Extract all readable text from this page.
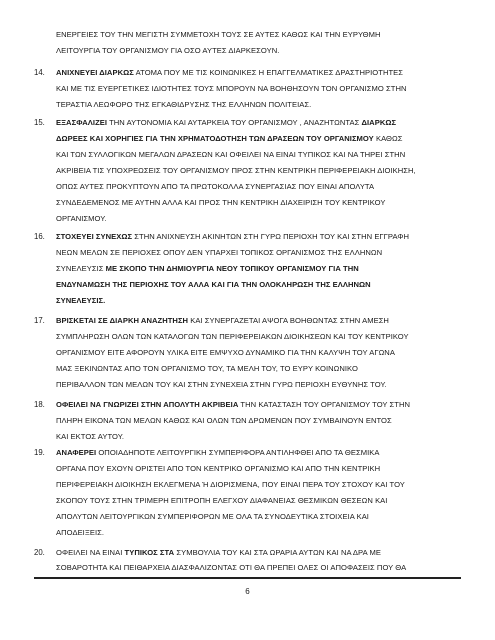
ΕΝΕΡΓΕΙΕΣ ΤΟΥ ΤΗΝ ΜΕΓΙΣΤΗ ΣΥΜΜΕΤΟΧΗ ΤΟΥΣ ΣΕ ΑΥΤΕΣ ΚΑΘΩΣ ΚΑΙ ΤΗΝ ΕΥΡΥΘΜΗ
ΛΕΙΤΟΥΡΓΙΑ ΤΟΥ ΟΡΓΑΝΙΣΜΟΥ ΓΙΑ ΟΣΟ ΑΥΤΕΣ ΔΙΑΡΚΕΣΟΥΝ.
14. ΑΝΙΧΝΕΥΕΙ ΔΙΑΡΚΩΣ ΑΤΟΜΑ ΠΟΥ ΜΕ ΤΙΣ ΚΟΙΝΩΝΙΚΕΣ Η ΕΠΑΓΓΕΛΜΑΤΙΚΕΣ ΔΡΑΣΤΗΡΙΟΤΗΤΕΣ
ΚΑΙ ΜΕ ΤΙΣ ΕΥΕΡΓΕΤΙΚΕΣ ΙΔΙΟΤΗΤΕΣ ΤΟΥΣ ΜΠΟΡΟΥΝ ΝΑ ΒΟΗΘΗΣΟΥΝ ΤΟΝ ΟΡΓΑΝΙΣΜΟ ΣΤΗΝ
ΤΕΡΑΣΤΙΑ ΛΕΩΦΟΡΟ ΤΗΣ ΕΓΚΑΘΙΔΡΥΣΗΣ ΤΗΣ ΕΛΛΗΝΩΝ ΠΟΛΙΤΕΙΑΣ.
15. ΕΞΑΣΦΑΛΙΖΕΙ ΤΗΝ ΑΥΤΟΝΟΜΙΑ ΚΑΙ ΑΥΤΑΡΚΕΙΑ ΤΟΥ ΟΡΓΑΝΙΣΜΟΥ , ΑΝΑΖΗΤΩΝΤΑΣ ΔΙΑΡΚΩΣ
ΔΩΡΕΕΣ ΚΑΙ ΧΟΡΗΓΙΕΣ ΓΙΑ ΤΗΝ ΧΡΗΜΑΤΟΔΟΤΗΣΗ ΤΩΝ ΔΡΑΣΕΩΝ ΤΟΥ ΟΡΓΑΝΙΣΜΟΥ ΚΑΘΩΣ
ΚΑΙ ΤΩΝ ΣΥΛΛΟΓΙΚΩΝ ΜΕΓΑΛΩΝ ΔΡΑΣΕΩΝ ΚΑΙ ΟΦΕΙΛΕΙ ΝΑ ΕΙΝΑΙ ΤΥΠΙΚΟΣ ΚΑΙ ΝΑ ΤΗΡΕΙ ΣΤΗΝ
ΑΚΡΙΒΕΙΑ ΤΙΣ ΥΠΟΧΡΕΩΣΕΙΣ ΤΟΥ ΟΡΓΑΝΙΣΜΟΥ ΠΡΟΣ ΣΤΗΝ ΚΕΝΤΡΙΚΗ ΠΕΡΙΦΕΡΕΙΑΚΗ ΔΙΟΙΚΗΣΗ,
ΟΠΩΣ ΑΥΤΕΣ ΠΡΟΚΥΠΤΟΥΝ ΑΠΟ ΤΑ ΠΡΩΤΟΚΟΛΛΑ ΣΥΝΕΡΓΑΣΙΑΣ ΠΟΥ ΕΙΝΑΙ ΑΠΟΛΥΤΑ
ΣΥΝΔΕΔΕΜΕΝΟΣ ΜΕ ΑΥΤΗΝ ΑΛΛΑ ΚΑΙ ΠΡΟΣ ΤΗΝ ΚΕΝΤΡΙΚΗ ΔΙΑΧΕΙΡΙΣΗ ΤΟΥ ΚΕΝΤΡΙΚΟΥ
ΟΡΓΑΝΙΣΜΟΥ.
16. ΣΤΟΧΕΥΕΙ ΣΥΝΕΧΩΣ ΣΤΗΝ ΑΝΙΧΝΕΥΣΗ ΑΚΙΝΗΤΩΝ ΣΤΗ ΓΥΡΩ ΠΕΡΙΟΧΗ ΤΟΥ ΚΑΙ ΣΤΗΝ ΕΓΓΡΑΦΗ
ΝΕΩΝ ΜΕΛΩΝ ΣΕ ΠΕΡΙΟΧΕΣ ΟΠΟΥ ΔΕΝ ΥΠΑΡΧΕΙ ΤΟΠΙΚΟΣ ΟΡΓΑΝΙΣΜΟΣ ΤΗΣ ΕΛΛΗΝΩΝ
ΣΥΝΕΛΕΥΣΙΣ ΜΕ ΣΚΟΠΟ ΤΗΝ ΔΗΜΙΟΥΡΓΙΑ ΝΕΟΥ ΤΟΠΙΚΟΥ ΟΡΓΑΝΙΣΜΟΥ ΓΙΑ ΤΗΝ
ΕΝΔΥΝΑΜΩΣΗ ΤΗΣ ΠΕΡΙΟΧΗΣ ΤΟΥ ΑΛΛΑ ΚΑΙ ΓΙΑ ΤΗΝ ΟΛΟΚΛΗΡΩΣΗ ΤΗΣ ΕΛΛΗΝΩΝ
ΣΥΝΕΛΕΥΣΙΣ.
17. ΒΡΙΣΚΕΤΑΙ ΣΕ ΔΙΑΡΚΗ ΑΝΑΖΗΤΗΣΗ ΚΑΙ ΣΥΝΕΡΓΑΖΕΤΑΙ ΑΨΟΓΑ ΒΟΗΘΩΝΤΑΣ ΣΤΗΝ ΑΜΕΣΗ
ΣΥΜΠΛΗΡΩΣΗ ΟΛΩΝ ΤΩΝ ΚΑΤΑΛΟΓΩΝ ΤΩΝ ΠΕΡΙΦΕΡΕΙΑΚΩΝ ΔΙΟΙΚΗΣΕΩΝ ΚΑΙ ΤΟΥ ΚΕΝΤΡΙΚΟΥ
ΟΡΓΑΝΙΣΜΟΥ ΕΙΤΕ ΑΦΟΡΟΥΝ ΥΛΙΚΑ ΕΙΤΕ ΕΜΨΥΧΟ ΔΥΝΑΜΙΚΟ ΓΙΑ ΤΗΝ ΚΑΛΥΨΗ ΤΟΥ ΑΓΩΝΑ
ΜΑΣ ΞΕΚΙΝΩΝΤΑΣ ΑΠΟ ΤΟΝ ΟΡΓΑΝΙΣΜΟ ΤΟΥ, ΤΑ ΜΕΛΗ ΤΟΥ, ΤΟ ΕΥΡΥ ΚΟΙΝΩΝΙΚΟ
ΠΕΡΙΒΑΛΛΟΝ ΤΩΝ ΜΕΛΩΝ ΤΟΥ ΚΑΙ ΣΤΗΝ ΣΥΝΕΧΕΙΑ ΣΤΗΝ ΓΥΡΩ ΠΕΡΙΟΧΗ ΕΥΘΥΝΗΣ ΤΟΥ.
18. ΟΦΕΙΛΕΙ ΝΑ ΓΝΩΡΙΖΕΙ ΣΤΗΝ ΑΠΟΛΥΤΗ ΑΚΡΙΒΕΙΑ ΤΗΝ ΚΑΤΑΣΤΑΣΗ ΤΟΥ ΟΡΓΑΝΙΣΜΟΥ ΤΟΥ ΣΤΗΝ
ΠΛΗΡΗ ΕΙΚΟΝΑ ΤΩΝ ΜΕΛΩΝ ΚΑΘΩΣ ΚΑΙ ΟΛΩΝ ΤΩΝ ΔΡΩΜΕΝΩΝ ΠΟΥ ΣΥΜΒΑΙΝΟΥΝ ΕΝΤΟΣ
ΚΑΙ ΕΚΤΟΣ ΑΥΤΟΥ.
19. ΑΝΑΦΕΡΕΙ ΟΠΟΙΑΔΗΠΟΤΕ ΛΕΙΤΟΥΡΓΙΚΗ ΣΥΜΠΕΡΙΦΟΡΑ ΑΝΤΙΛΗΦΘΕΙ ΑΠΟ ΤΑ ΘΕΣΜΙΚΑ
ΟΡΓΑΝΑ ΠΟΥ ΕΧΟΥΝ ΟΡΙΣΤΕΙ ΑΠΟ ΤΟΝ ΚΕΝΤΡΙΚΟ ΟΡΓΑΝΙΣΜΟ ΚΑΙ ΑΠΟ ΤΗΝ ΚΕΝΤΡΙΚΗ
ΠΕΡΙΦΕΡΕΙΑΚΗ ΔΙΟΙΚΗΣΗ ΕΚΛΕΓΜΕΝΑ Ή ΔΙΟΡΙΣΜΕΝΑ, ΠΟΥ ΕΙΝΑΙ ΠΕΡΑ ΤΟΥ ΣΤΟΧΟΥ ΚΑΙ ΤΟΥ
ΣΚΟΠΟΥ ΤΟΥΣ ΣΤΗΝ ΤΡΙΜΕΡΗ ΕΠΙΤΡΟΠΗ ΕΛΕΓΧΟΥ ΔΙΑΦΑΝΕΙΑΣ ΘΕΣΜΙΚΩΝ ΘΕΣΕΩΝ ΚΑΙ
ΑΠΟΛΥΤΩΝ ΛΕΙΤΟΥΡΓΙΚΩΝ ΣΥΜΠΕΡΙΦΟΡΩΝ ΜΕ ΟΛΑ ΤΑ ΣΥΝΟΔΕΥΤΙΚΑ ΣΤΟΙΧΕΙΑ ΚΑΙ
ΑΠΟΔΕΙΞΕΙΣ.
20. ΟΦΕΙΛΕΙ ΝΑ ΕΙΝΑΙ ΤΥΠΙΚΟΣ ΣΤΑ ΣΥΜΒΟΥΛΙΑ ΤΟΥ ΚΑΙ ΣΤΑ ΩΡΑΡΙΑ ΑΥΤΩΝ ΚΑΙ ΝΑ ΔΡΑ ΜΕ
ΣΟΒΑΡΟΤΗΤΑ ΚΑΙ ΠΕΙΘΑΡΧΕΙΑ ΔΙΑΣΦΑΛΙΖΟΝΤΑΣ ΟΤΙ ΘΑ ΠΡΕΠΕΙ ΟΛΕΣ ΟΙ ΑΠΟΦΑΣΕΙΣ ΠΟΥ ΘΑ
6
